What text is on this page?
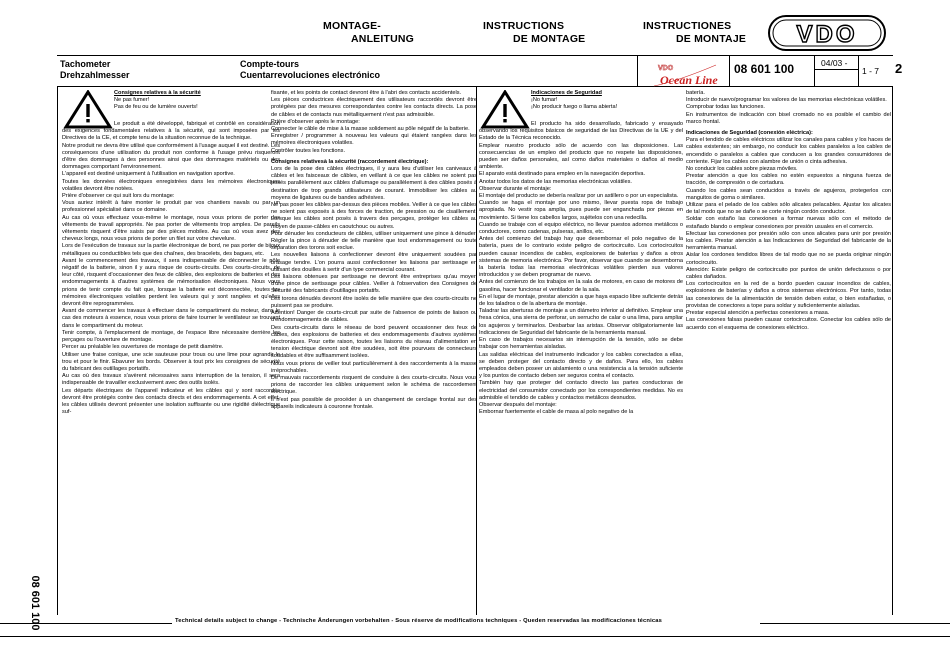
MONTAGE-
ANLEITUNG
INSTRUCTIONS
DE MONTAGE
INSTRUCTIONES
DE MONTAJE	VDO
Tachometer
Drehzahlmesser
Compte-tours
Cuentarrevoluciones electrónico
VDO
Ocean Line
08 601 100	04/03 -
1 - 7	2

Consignes relatives à la sécurité

Ne pas fumer!

Pas de feu ou de lumière ouverts!

Le produit a été développé, fabriqué et contrôlé en considération des exigences fondamentales relatives à la sécurité, qui sont imposées par les Directives de la CE, et compte tenu de la situation reconnue de la technique.

Notre produit ne devra être utilisé que conformément à l'usage auquel il est destiné. Les conséquences d'une utilisation du produit non conforme à l'usage prévu risqueront d'être des dommages à des personnes ainsi que des dommages matériels ou des dommages comportant l'environnement.

L'appareil est destiné uniquement à l'utilisation en navigation sportive.

Toutes les données électroniques enregistrées dans les mémoires électroniques volatiles devront être notées.

Prière d'observer ce qui suit lors du montage:

Vous auriez intérêt à faire monter le produit par vos chantiers navals ou par un professionnel spécialisé dans ce domaine.

Au cas où vous effectuez vous-même le montage, nous vous prions de porter des vêtements de travail appropriés. Ne pas porter de vêtements trop amples. De pareils vêtements risquent d'être saisis par des pièces mobiles. Au cas où vous avez des cheveux longs, nous vous prions de porter un filet sur votre chevelure.

Lors de l'exécution de travaux sur la partie électronique de bord, ne pas porter de bijoux métalliques ou conductibles tels que des chaînes, des bracelets, des bagues, etc.

Avant le commencement des travaux, il sera indispensable de déconnecter le pôle négatif de la batterie, sinon il y aura risque de courts-circuits. Des courts-circuits, de leur côté, risquent d'occasionner des feux de câbles, des explosions de batteries et des endommagements à d'autres systèmes de mémorisation électroniques. Nous vous prions de tenir compte du fait que, lorsque la batterie est déconnectée, toutes les mémoires électroniques volatiles perdent les valeurs qui y sont rangées et qu'elles devront être reprogrammées.

Avant de commencer les travaux à effectuer dans le compartiment du moteur, dans le cas des moteurs à essence, nous vous prions de faire tourner le ventilateur se trouvant dans le compartiment du moteur.

Tenir compte, à l'emplacement de montage, de l'espace libre nécessaire derrière les perçages ou l'ouverture de montage.

Percer au préalable les ouvertures de montage de petit diamètre.

Utiliser une fraise conique, une scie sauteuse pour trous ou une lime pour agrandir le trou et pour le finir. Ebavurer les bords. Observer à tout prix les consignes de sécurité du fabricant des outillages portatifs.

Au cas où des travaux s'avèrent nécessaires sans interruption de la tension, il sera indispensable de travailler exclusivement avec des outils isolés.

Les départs électriques de l'appareil indicateur et les câbles qui y sont raccordés devront être protégés contre des contacts directs et des endommagements. A cet effet, les câbles utilisés devront présenter une isolation suffisante ou une rigidité diélectrique suf-

fisante, et les points de contact devront être à l'abri des contacts accidentels.

Les pièces conductrices électriquement des utilisateurs raccordés devront être protégées par des mesures correspondantes contre les contacts directs. La pose de câbles et de contacts nus métalliquement n'est pas admissible.

Prière d'observer après le montage:

Connecter le câble de mise à la masse solidement au pôle négatif de la batterie.

Enregistrer / programmer à nouveau les valeurs qui étaient rangées dans les mémoires électroniques volatiles.

Contrôler toutes les fonctions.

Consignes relativesà la sécurité (raccordement électrique):

Lors de la pose des câbles électriques, il y aura lieu d'utiliser les caniveaux à câbles et les faisceaux de câbles, en veillant à ce que les câbles ne soient pas posés parallèlement aux câbles d'allumage ou parallèlement à des câbles posés à destination de trop grands utilisateurs de courant. Immobiliser les câbles au moyens de ligatures ou de bandes adhésives.

Ne pas poser les câbles par-dessus des pièces mobiles. Veiller à ce que les câbles ne soient pas exposés à des forces de traction, de pression ou de cisaillement. Lorsque les câbles sont posés à travers des perçages, protéger les câbles au moyen de passe-câbles en caoutchouc ou autres.

Pour dénuder les conducteurs de câbles, utiliser uniquement une pince à dénuder. Régler la pince à dénuder de telle manière que tout endommagement ou toute séparation des torons soit exclue.

Les nouvelles liaisons à confectionner devront être uniquement soudées par brasage tendre. L'on pourra aussi confectionner les liaisons par sertissage en utilisant des douilles à sertir d'un type commercial courant.

Les liaisons obtenues par sertissage ne devront être entreprises qu'au moyen d'une pince de sertissage pour câbles. Veiller à l'observation des Consignes de Sécurité des fabricants d'outillages portatifs.

Les torons dénudés devront être isolés de telle manière que des courts-circuits ne puissent pas se produire.

Attention! Danger de courts-circuit par suite de l'absence de points de liaison ou d'endommagements de câbles.

Des courts-circuits dans le réseau de bord peuvent occasionner des feux de câbles, des explosions de batteries et des endommagements d'autres systèmes électroniques. Pour cette raison, toutes les liaisons du réseau d'alimentation en tension électrique devront soit être soudées, soit être pourvues de connecteurs soudables et être suffisamment isolées.

Nous vous prions de veiller tout particulièrement à des raccordements à la masse irréprochables.

De mauvais raccordements risquent de conduire à des courts-circuits. Nous vous prions de raccorder les câbles uniquement selon le schéma de raccordement électrique.

Il n'est pas possible de procéder à un changement de cerclage frontal sur des appareils indicateurs à couronne frontale.

Indicaciones de Seguridad

¡No fumar!

¡No producir fuego o llama abierta!

El producto ha sido desarrollado, fabricado y ensayado observando los requisitos básicos de seguridad de las Directivas de la UE y del Estado de la Técnica reconocido.

Emplear nuestro producto sólo de acuerdo con las disposiciones. Las consecuencias de un empleo del producto que no respete las disposiciones, pueden ser daños personales, así como daños materiales o daños al medio ambiente.

El aparato está destinado para empleo en la navegación deportiva.

Anotar todos los datos de las memorias electrónicas volátiles.

Observar durante el montaje:

El montaje del producto se debería realizar por un astillero o por un especialista.

Cuando se haga el montaje por uno mismo, llevar puesta ropa de trabajo apropiada. No vestir ropa amplia, pues puede ser enganchada por piezas en movimiento. Si tiene los cabellos largos, sujételos con una redecilla.

Cuando se trabaje con el equipo eléctrico, no llevar puestos adornos metálicos o conductores, como cadenas, pulseras, anillos, etc.

Antes del comienzo del trabajo hay que desembornar el polo negativo de la batería, pues de lo contrario existe peligro de cortocircuito. Los cortocircuitos pueden causar incendios de cables, explosiones de baterías y daños a otros sistemas de memoria electrónica. Por favor, observar que cuando se desemborna la batería todas las memorias electrónicas volátiles pierden sus valores introducidos y se deben programar de nuevo.

Antes del comienzo de los trabajos en la sala de motores, en caso de motores de gasolina, hacer funcionar el ventilador de la sala.

En el lugar de montaje, prestar atención a que haya espacio libre suficiente detrás de los taladros o de la abertura de montaje.

Taladrar las aberturas de montaje a un diámetro inferior al definitivo. Emplear una fresa cónica, una sierra de perforar, un serrucho de calar o una lima, para ampliar los agujeros y terminarlos. Desbarbar las aristas. Observar obligatoriamente las Indicaciones de Seguridad del fabricante de la herramienta manual.

En caso de trabajos necesarios sin interrupción de la tensión, sólo se debe trabajar con herramientas aisladas.

Las salidas eléctricas del instrumento indicador y los cables conectados a ellas, se deben proteger del contacto directo y de daños. Para ello, los cables empleados deben poseer un aislamiento o una resistencia a la tensión suficiente y los puntos de contacto deben ser seguros contra el contacto.

También hay que proteger del contacto directo las partes conductoras de electricidad del consumidor conectado por los correspondientes medidas. No es admisible el tendido de cables y contactos metálicos desnudos.

Observar después del montaje:

Embornar fuertemente el cable de masa al polo negativo de la

batería.

Introducir de nuevo/programar los valores de las memorias electrónicas volátiles.

Comprobar todas las funciones.

En instrumentos de indicación con bisel cromado no es posible el cambio del marco frontal.

Indicaciones de Seguridad (conexión eléctrica):

Para el tendido de cables eléctricos utilizar los canales para cables y los haces de cables existentes; sin embargo, no conducir los cables paralelos a los cables de encendido o paralelos a cables que conducen a los grandes consumidores de corriente. Fijar los cables con alambre de unión o cinta adhesiva.

No conducir los cables sobre piezas móviles.

Prestar atención a que los cables no estén expuestos a ninguna fuerza de tracción, de compresión o de cortadura.

Cuando los cables sean conducidos a través de agujeros, protegerlos con manguitos de goma o similares.

Utilizar para el pelado de los cables sólo alicates pelacables. Ajustar los alicates de tal modo que no se dañe o se corte ningún cordón conductor.

Soldar con estaño las conexiones a formar nuevas sólo con el método de estañado blando o emplear conexiones por presión usuales en el comercio.

Efectuar las conexiones por presión sólo con unos alicates para unir por presión los cables. Prestar atención a las Indicaciones de Seguridad del fabricante de la herramienta manual.

Aislar los cordones tendidos libres de tal modo que no se pueda originar ningún cortocircuito.

Atención: Existe peligro de cortocircuito por puntos de unión defectuosos o por cables dañados.

Los cortocircuitos en la red de a bordo pueden causar incendios de cables, explosiones de baterías y daños a otros sistemas electrónicos. Por tanto, todas las conexiones de la alimentación de tensión deben estar, o bien estañadas, o provistas de conectores a tope para soldar y suficientemente aisladas.

Prestar especial atención a perfectas conexiones a masa.

Las conexiones falsas pueden causar cortocircuitos. Conectar los cables sólo de acuerdo con el esquema de conexiones eléctrico.

08 601 100	Technical details subject to change - Technische Änderungen vorbehalten - Sous réserve de modifications techniques - Queden reservadas las modificaciones técnicas
